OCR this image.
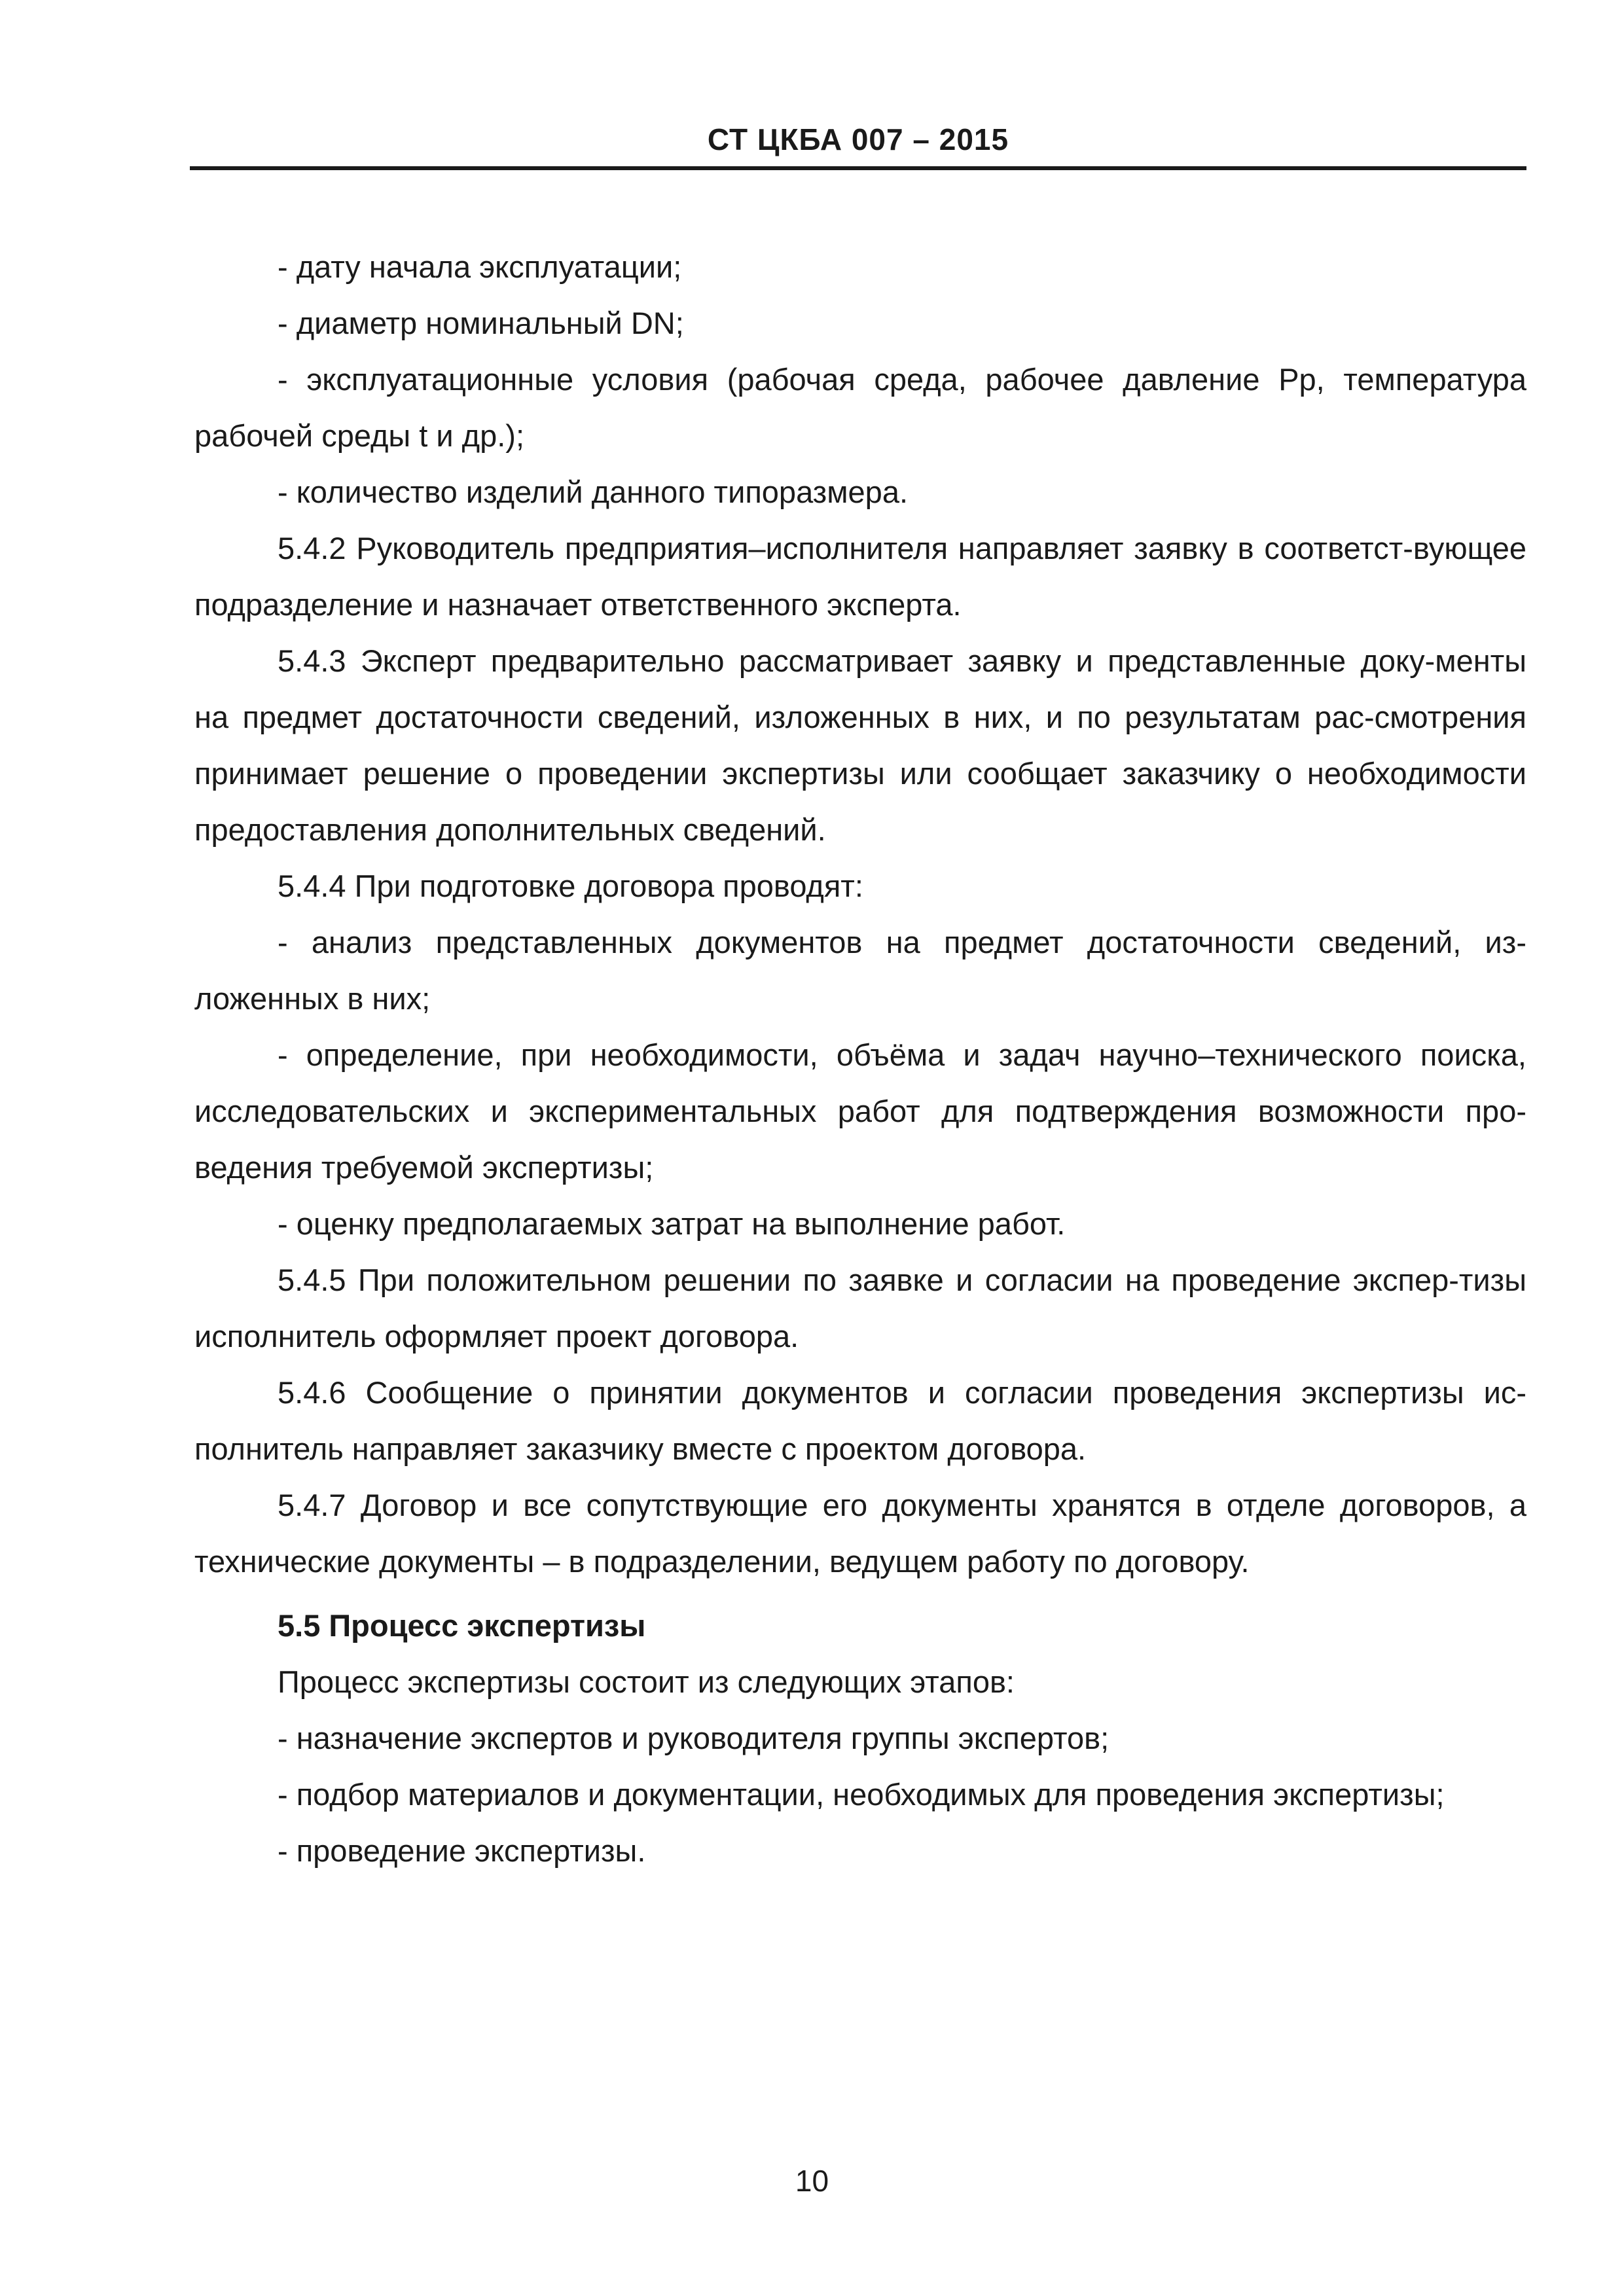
СТ ЦКБА 007 – 2015

- дату начала эксплуатации;

- диаметр номинальный DN;

- эксплуатационные условия (рабочая среда, рабочее давление Рр, температура рабочей среды t и др.);

- количество изделий данного типоразмера.

5.4.2 Руководитель предприятия–исполнителя направляет заявку в соответст-вующее подразделение и назначает ответственного эксперта.

5.4.3 Эксперт предварительно рассматривает заявку и представленные доку-менты на предмет достаточности сведений, изложенных в них, и по результатам рас-смотрения принимает решение о проведении экспертизы или сообщает заказчику о необходимости предоставления дополнительных сведений.

5.4.4 При подготовке договора проводят:

- анализ представленных документов на предмет достаточности сведений, из-ложенных в них;

- определение, при необходимости, объёма и задач научно–технического поиска, исследовательских и экспериментальных работ для подтверждения возможности про-ведения требуемой экспертизы;

- оценку предполагаемых затрат на выполнение работ.

5.4.5 При положительном решении по заявке и согласии на проведение экспер-тизы исполнитель оформляет проект договора.

5.4.6 Сообщение о принятии документов и согласии проведения экспертизы ис-полнитель направляет заказчику вместе с проектом договора.

5.4.7 Договор и все сопутствующие его документы хранятся в отделе договоров, а технические документы – в подразделении, ведущем работу по договору.

5.5 Процесс экспертизы

Процесс экспертизы состоит из следующих этапов:

- назначение экспертов и руководителя группы экспертов;

- подбор материалов и документации, необходимых для проведения экспертизы;

- проведение экспертизы.

10
